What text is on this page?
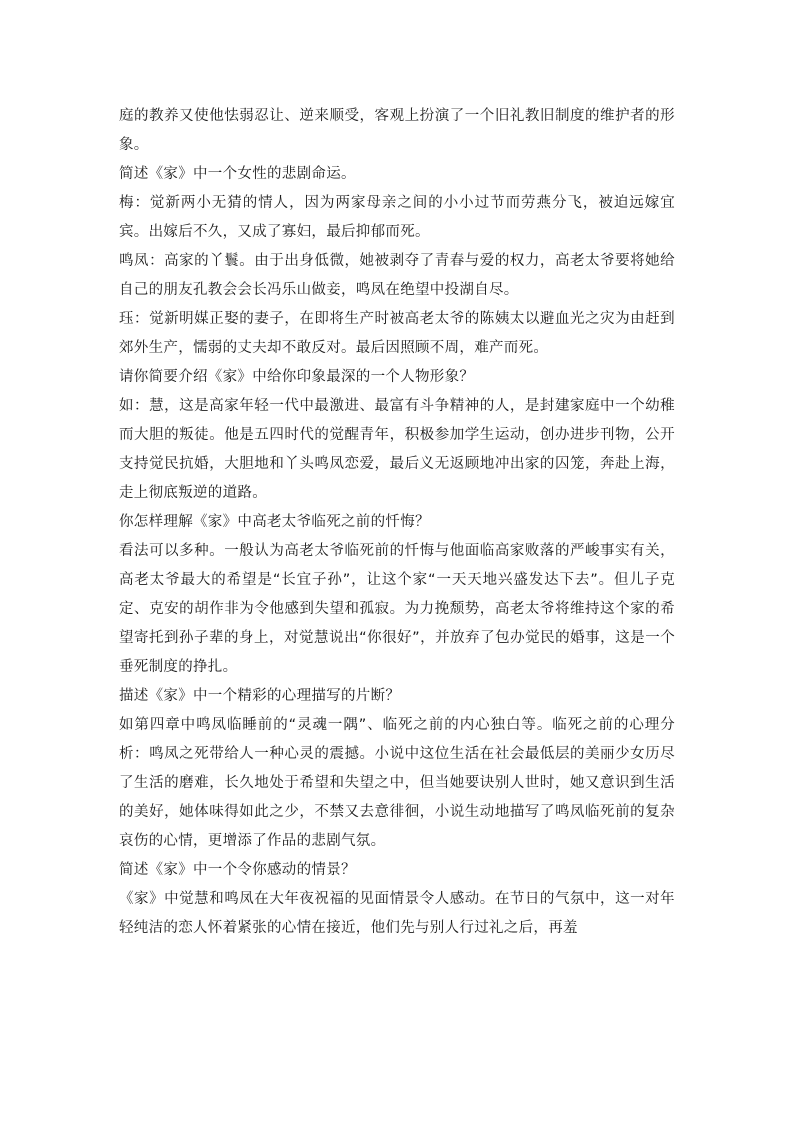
庭的教养又使他怯弱忍让、逆来顺受，客观上扮演了一个旧礼教旧制度的维护者的形象。

简述《家》中一个女性的悲剧命运。

梅：觉新两小无猜的情人，因为两家母亲之间的小小过节而劳燕分飞，被迫远嫁宜宾。出嫁后不久，又成了寡妇，最后抑郁而死。

鸣凤：高家的丫鬟。由于出身低微，她被剥夺了青春与爱的权力，高老太爷要将她给自己的朋友孔教会会长冯乐山做妾，鸣凤在绝望中投湖自尽。

珏：觉新明媒正娶的妻子，在即将生产时被高老太爷的陈姨太以避血光之灾为由赶到郊外生产，懦弱的丈夫却不敢反对。最后因照顾不周，难产而死。

请你简要介绍《家》中给你印象最深的一个人物形象？

如：慧，这是高家年轻一代中最激进、最富有斗争精神的人，是封建家庭中一个幼稚而大胆的叛徒。他是五四时代的觉醒青年，积极参加学生运动，创办进步刊物，公开支持觉民抗婚，大胆地和丫头鸣凤恋爱，最后义无返顾地冲出家的囚笼，奔赴上海，走上彻底叛逆的道路。

你怎样理解《家》中高老太爷临死之前的忏悔？

看法可以多种。一般认为高老太爷临死前的忏悔与他面临高家败落的严峻事实有关，高老太爷最大的希望是“长宜子孙”，让这个家“一天天地兴盛发达下去”。但儿子克定、克安的胡作非为令他感到失望和孤寂。为力挽颓势，高老太爷将维持这个家的希望寄托到孙子辈的身上，对觉慧说出“你很好”，并放弃了包办觉民的婚事，这是一个垂死制度的挣扎。

描述《家》中一个精彩的心理描写的片断？

如第四章中鸣凤临睡前的“灵魂一隅”、临死之前的内心独白等。临死之前的心理分析：鸣凤之死带给人一种心灵的震撼。小说中这位生活在社会最低层的美丽少女历尽了生活的磨难，长久地处于希望和失望之中，但当她要诀别人世时，她又意识到生活的美好，她体味得如此之少，不禁又去意徘徊，小说生动地描写了鸣凤临死前的复杂哀伤的心情，更增添了作品的悲剧气氛。

简述《家》中一个令你感动的情景？

《家》中觉慧和鸣凤在大年夜祝福的见面情景令人感动。在节日的气氛中，这一对年轻纯洁的恋人怀着紧张的心情在接近，他们先与别人行过礼之后，再羞
